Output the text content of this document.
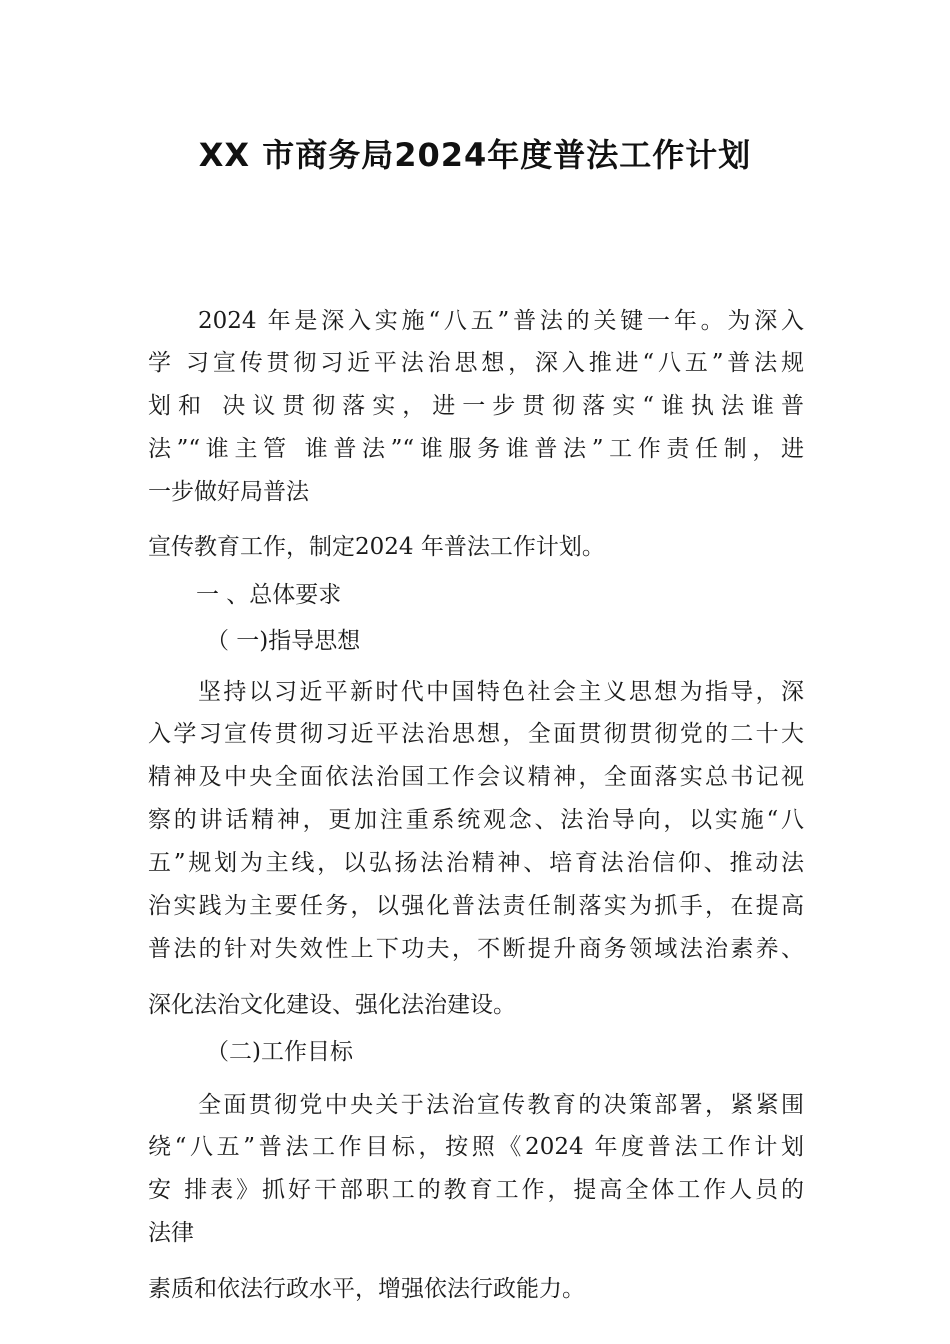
XX 市商务局2024年度普法工作计划
2024 年是深入实施“八五”普法的关键一年。为深入
学 习宣传贯彻习近平法治思想，深入推进“八五”普法规
划和 决议贯彻落实，进一步贯彻落实“谁执法谁普
法”“谁主管 谁普法”“谁服务谁普法”工作责任制，进
一步做好局普法
宣传教育工作，制定2024 年普法工作计划。
一 、总体要求
（ 一)指导思想
坚持以习近平新时代中国特色社会主义思想为指导，深
入学习宣传贯彻习近平法治思想，全面贯彻贯彻党的二十大
精神及中央全面依法治国工作会议精神，全面落实总书记视
察的讲话精神，更加注重系统观念、法治导向，以实施“八
五”规划为主线，以弘扬法治精神、培育法治信仰、推动法
治实践为主要任务，以强化普法责任制落实为抓手，在提高
普法的针对失效性上下功夫，不断提升商务领域法治素养、
深化法治文化建设、强化法治建设。
（二)工作目标
全面贯彻党中央关于法治宣传教育的决策部署，紧紧围
绕“八五”普法工作目标，按照《2024 年度普法工作计划
安 排表》抓好干部职工的教育工作，提高全体工作人员的
法律
素质和依法行政水平，增强依法行政能力。
